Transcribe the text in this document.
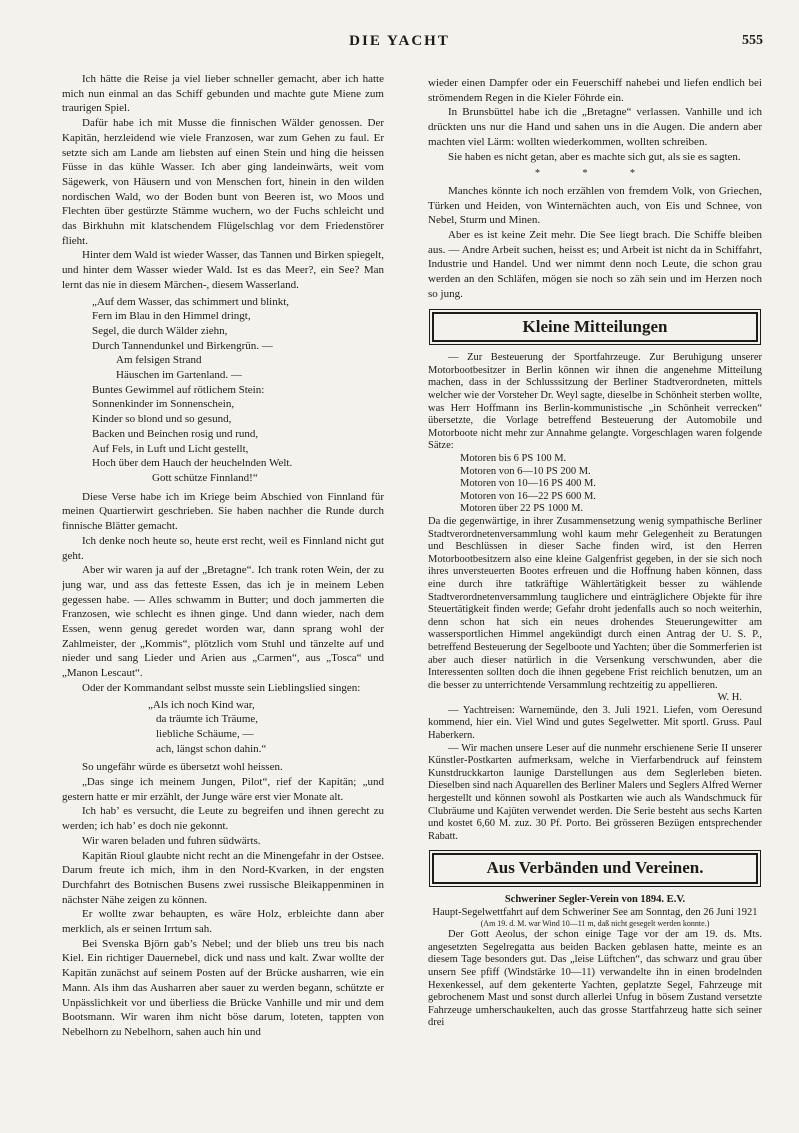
DIE YACHT	555

Ich hätte die Reise ja viel lieber schneller gemacht, aber ich hatte mich nun einmal an das Schiff gebunden und machte gute Miene zum traurigen Spiel.

Dafür habe ich mit Musse die finnischen Wälder genossen. Der Kapitän, herzleidend wie viele Franzosen, war zum Gehen zu faul. Er setzte sich am Lande am liebsten auf einen Stein und hing die heissen Füsse in das kühle Wasser. Ich aber ging landeinwärts, weit vom Sägewerk, von Häusern und von Menschen fort, hinein in den wilden nordischen Wald, wo der Boden bunt von Beeren ist, wo Moos und Flechten über gestürzte Stämme wuchern, wo der Fuchs schleicht und das Birkhuhn mit klatschendem Flügelschlag vor dem Friedenstörer flieht.

Hinter dem Wald ist wieder Wasser, das Tannen und Birken spiegelt, und hinter dem Wasser wieder Wald. Ist es das Meer?, ein See? Man lernt das nie in diesem Märchen-, diesem Wasserland.

„Auf dem Wasser, das schimmert und blinkt,
Fern im Blau in den Himmel dringt,
Segel, die durch Wälder ziehn,
Durch Tannendunkel und Birkengrün. —
Am felsigen Strand
Häuschen im Gartenland. —
Buntes Gewimmel auf rötlichem Stein:
Sonnenkinder im Sonnenschein,
Kinder so blond und so gesund,
Backen und Beinchen rosig und rund,
Auf Fels, in Luft und Licht gestellt,
Hoch über dem Hauch der heuchelnden Welt.
Gott schütze Finnland!“

Diese Verse habe ich im Kriege beim Abschied von Finnland für meinen Quartierwirt geschrieben. Sie haben nachher die Runde durch finnische Blätter gemacht.

Ich denke noch heute so, heute erst recht, weil es Finnland nicht gut geht.

Aber wir waren ja auf der „Bretagne“. Ich trank roten Wein, der zu jung war, und ass das fetteste Essen, das ich je in meinem Leben gegessen habe. — Alles schwamm in Butter; und doch jammerten die Franzosen, wie schlecht es ihnen ginge. Und dann wieder, nach dem Essen, wenn genug geredet worden war, dann sprang wohl der Zahlmeister, der „Kommis“, plötzlich vom Stuhl und tänzelte auf und nieder und sang Lieder und Arien aus „Carmen“, aus „Tosca“ und „Manon Lescaut“.

Oder der Kommandant selbst musste sein Lieblingslied singen:

„Als ich noch Kind war,
da träumte ich Träume,
liebliche Schäume, —
ach, längst schon dahin.“

So ungefähr würde es übersetzt wohl heissen.

„Das singe ich meinem Jungen, Pilot“, rief der Kapitän; „und gestern hatte er mir erzählt, der Junge wäre erst vier Monate alt.

Ich hab’ es versucht, die Leute zu begreifen und ihnen gerecht zu werden; ich hab’ es doch nie gekonnt.

Wir waren beladen und fuhren südwärts.

Kapitän Rioul glaubte nicht recht an die Minengefahr in der Ostsee. Darum freute ich mich, ihm in den Nord-Kvarken, in der engsten Durchfahrt des Botnischen Busens zwei russische Bleikappenminen in nächster Nähe zeigen zu können.

Er wollte zwar behaupten, es wäre Holz, erbleichte dann aber merklich, als er seinen Irrtum sah.

Bei Svenska Björn gab’s Nebel; und der blieb uns treu bis nach Kiel. Ein richtiger Dauernebel, dick und nass und kalt. Zwar wollte der Kapitän zunächst auf seinem Posten auf der Brücke ausharren, wie ein Mann. Als ihm das Ausharren aber sauer zu werden begann, schützte er Unpässlichkeit vor und überliess die Brücke Vanhille und mir und dem Bootsmann. Wir waren ihm nicht böse darum, loteten, tappten von Nebelhorn zu Nebelhorn, sahen auch hin und

wieder einen Dampfer oder ein Feuerschiff nahebei und liefen endlich bei strömendem Regen in die Kieler Föhrde ein.

In Brunsbüttel habe ich die „Bretagne“ verlassen. Vanhille und ich drückten uns nur die Hand und sahen uns in die Augen. Die andern aber machten viel Lärm: wollten wiederkommen, wollten schreiben.

Sie haben es nicht getan, aber es machte sich gut, als sie es sagten.

* * *

Manches könnte ich noch erzählen von fremdem Volk, von Griechen, Türken und Heiden, von Winternächten auch, von Eis und Schnee, von Nebel, Sturm und Minen.

Aber es ist keine Zeit mehr. Die See liegt brach. Die Schiffe bleiben aus. — Andre Arbeit suchen, heisst es; und Arbeit ist nicht da in Schiffahrt, Industrie und Handel. Und wer nimmt denn noch Leute, die schon grau werden an den Schläfen, mögen sie noch so zäh sein und im Herzen noch so jung.

Kleine Mitteilungen

— Zur Besteuerung der Sportfahrzeuge. Zur Beruhigung unserer Motorbootbesitzer in Berlin können wir ihnen die angenehme Mitteilung machen, dass in der Schlusssitzung der Berliner Stadtverordneten, mittels welcher wie der Vorsteher Dr. Weyl sagte, dieselbe in Schönheit sterben wollte, was Herr Hoffmann ins Berlin-kommunistische „in Schönheit verrecken“ übersetzte, die Vorlage betreffend Besteuerung der Automobile und Motorboote nicht mehr zur Annahme gelangte. Vorgeschlagen waren folgende Sätze:

Motoren bis 6 PS 100 M.
Motoren von 6—10 PS 200 M.
Motoren von 10—16 PS 400 M.
Motoren von 16—22 PS 600 M.
Motoren über 22 PS 1000 M.

Da die gegenwärtige, in ihrer Zusammensetzung wenig sympathische Berliner Stadtverordnetenversammlung wohl kaum mehr Gelegenheit zu Beratungen und Beschlüssen in dieser Sache finden wird, ist den Herren Motorbootbesitzern also eine kleine Galgenfrist gegeben, in der sie sich noch ihres unversteuerten Bootes erfreuen und die Hoffnung haben können, dass eine durch ihre tatkräftige Wählertätigkeit besser zu wählende Stadtverordnetenversammlung tauglichere und einträglichere Objekte für ihre Steuertätigkeit finden werde; Gefahr droht jedenfalls auch so noch weiterhin, denn schon hat sich ein neues drohendes Steuerungewitter am wassersportlichen Himmel angekündigt durch einen Antrag der U. S. P., betreffend Besteuerung der Segelboote und Yachten; über die Sommerferien ist aber auch dieser natürlich in die Versenkung verschwunden, aber die Interessenten sollten doch die ihnen gegebene Frist reichlich benutzen, um an die besser zu unterrichtende Versammlung rechtzeitig zu appellieren.

W. H.

— Yachtreisen: Warnemünde, den 3. Juli 1921. Liefen, vom Oeresund kommend, hier ein. Viel Wind und gutes Segelwetter. Mit sportl. Gruss. Paul Haberkern.

— Wir machen unsere Leser auf die nunmehr erschienene Serie II unserer Künstler-Postkarten aufmerksam, welche in Vierfarbendruck auf feinstem Kunstdruckkarton launige Darstellungen aus dem Seglerleben bieten. Dieselben sind nach Aquarellen des Berliner Malers und Seglers Alfred Werner hergestellt und können sowohl als Postkarten wie auch als Wandschmuck für Clubräume und Kajüten verwendet werden. Die Serie besteht aus sechs Karten und kostet 6,60 M. zuz. 30 Pf. Porto. Bei grösseren Bezügen entsprechender Rabatt.

Aus Verbänden und Vereinen.
Schweriner Segler-Verein von 1894. E.V.
Haupt-Segelwettfahrt auf dem Schweriner See am Sonntag, den 26 Juni 1921
(Am 19. d. M. war Wind 10—11 m, daß nicht gesegelt werden konnte.)

Der Gott Aeolus, der schon einige Tage vor der am 19. ds. Mts. angesetzten Segelregatta aus beiden Backen geblasen hatte, meinte es an diesem Tage besonders gut. Das „leise Lüftchen“, das schwarz und grau über unsern See pfiff (Windstärke 10—11) verwandelte ihn in einen brodelnden Hexenkessel, auf dem gekenterte Yachten, geplatzte Segel, Fahrzeuge mit gebrochenem Mast und sonst durch allerlei Unfug in bösem Zustand versetzte Fahrzeuge umherschaukelten, auch das grosse Startfahrzeug hatte sich seiner drei
